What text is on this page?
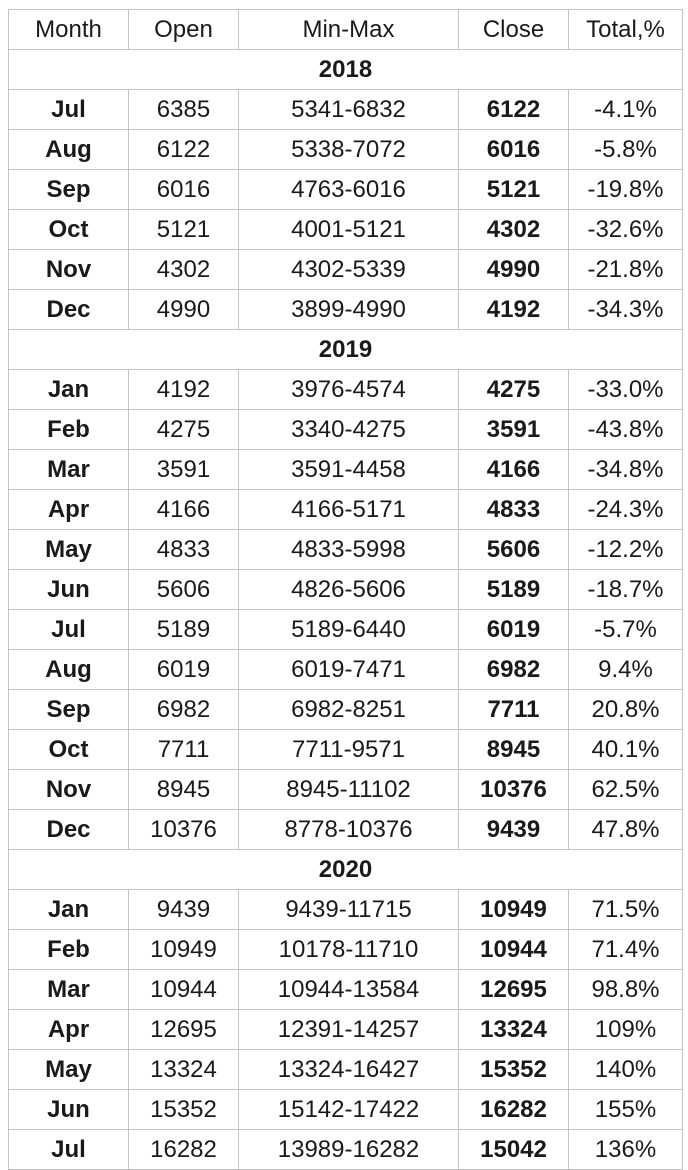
Month	Open	Min-Max	Close	Total,%
2018				
Jul	6385	5341-6832	6122	-4.1%
Aug	6122	5338-7072	6016	-5.8%
Sep	6016	4763-6016	5121	-19.8%
Oct	5121	4001-5121	4302	-32.6%
Nov	4302	4302-5339	4990	-21.8%
Dec	4990	3899-4990	4192	-34.3%
2019				
Jan	4192	3976-4574	4275	-33.0%
Feb	4275	3340-4275	3591	-43.8%
Mar	3591	3591-4458	4166	-34.8%
Apr	4166	4166-5171	4833	-24.3%
May	4833	4833-5998	5606	-12.2%
Jun	5606	4826-5606	5189	-18.7%
Jul	5189	5189-6440	6019	-5.7%
Aug	6019	6019-7471	6982	9.4%
Sep	6982	6982-8251	7711	20.8%
Oct	7711	7711-9571	8945	40.1%
Nov	8945	8945-11102	10376	62.5%
Dec	10376	8778-10376	9439	47.8%
2020				
Jan	9439	9439-11715	10949	71.5%
Feb	10949	10178-11710	10944	71.4%
Mar	10944	10944-13584	12695	98.8%
Apr	12695	12391-14257	13324	109%
May	13324	13324-16427	15352	140%
Jun	15352	15142-17422	16282	155%
Jul	16282	13989-16282	15042	136%
